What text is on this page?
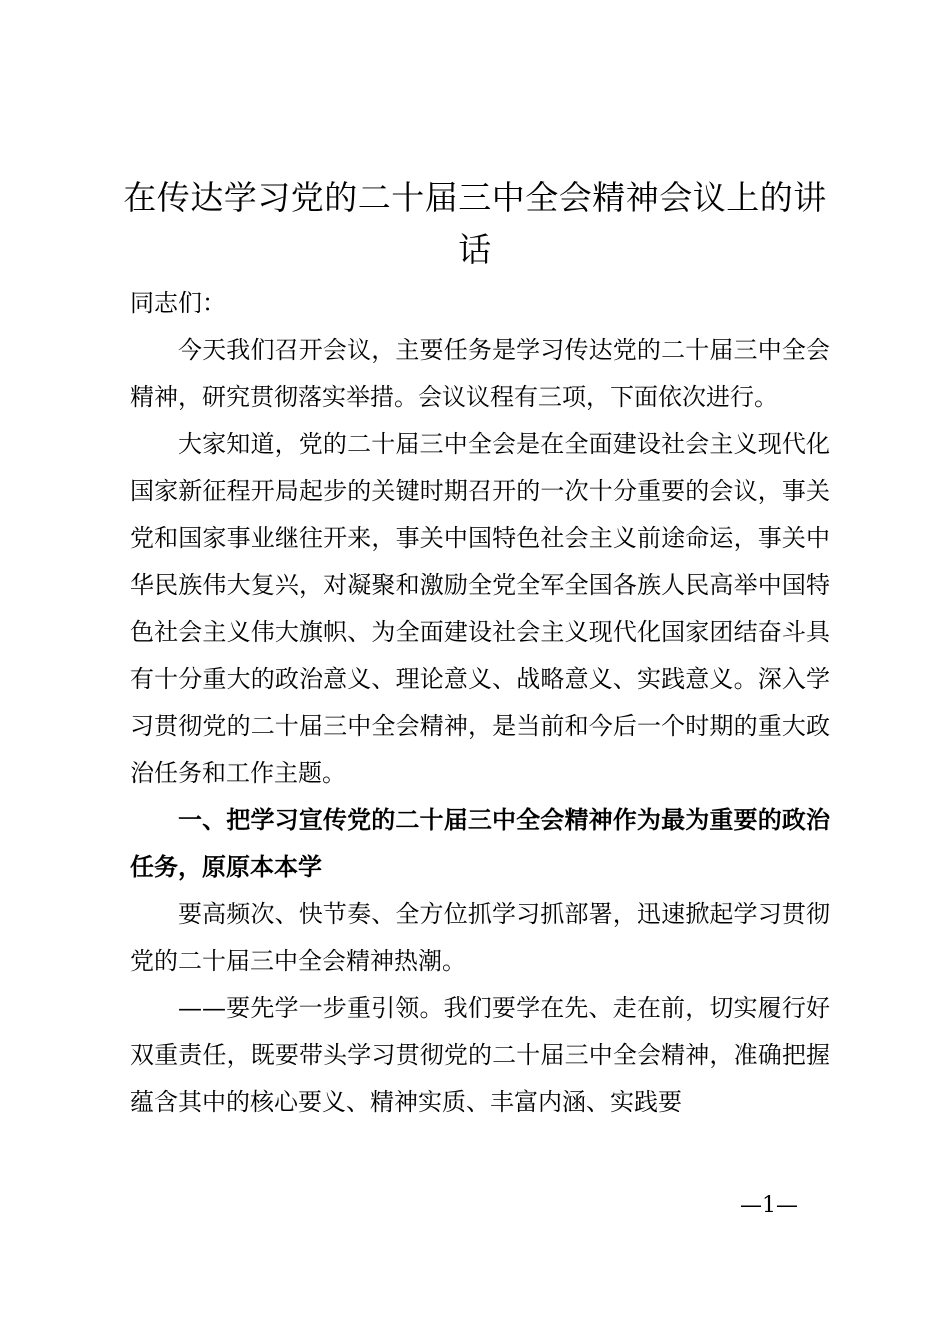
在传达学习党的二十届三中全会精神会议上的讲话

同志们：

今天我们召开会议，主要任务是学习传达党的二十届三中全会精神，研究贯彻落实举措。会议议程有三项，下面依次进行。

大家知道，党的二十届三中全会是在全面建设社会主义现代化国家新征程开局起步的关键时期召开的一次十分重要的会议，事关党和国家事业继往开来，事关中国特色社会主义前途命运，事关中华民族伟大复兴，对凝聚和激励全党全军全国各族人民高举中国特色社会主义伟大旗帜、为全面建设社会主义现代化国家团结奋斗具有十分重大的政治意义、理论意义、战略意义、实践意义。深入学习贯彻党的二十届三中全会精神，是当前和今后一个时期的重大政治任务和工作主题。

一、把学习宣传党的二十届三中全会精神作为最为重要的政治任务，原原本本学

要高频次、快节奏、全方位抓学习抓部署，迅速掀起学习贯彻党的二十届三中全会精神热潮。

——要先学一步重引领。我们要学在先、走在前，切实履行好双重责任，既要带头学习贯彻党的二十届三中全会精神，准确把握蕴含其中的核心要义、精神实质、丰富内涵、实践要

—1—
